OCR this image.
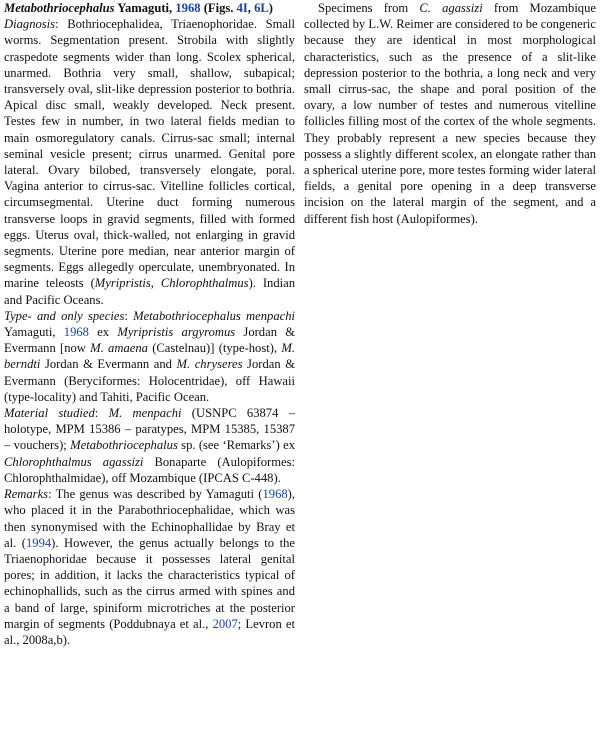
Metabothriocephalus Yamaguti, 1968 (Figs. 4I, 6L)
Diagnosis: Bothriocephalidea, Triaenophoridae. Small worms. Segmentation present. Strobila with slightly craspedote segments wider than long. Scolex spherical, unarmed. Bothria very small, shallow, subapical; transversely oval, slit-like depression posterior to bothria. Apical disc small, weakly developed. Neck present. Testes few in number, in two lateral fields median to main osmoregulatory canals. Cirrus-sac small; internal seminal vesicle present; cirrus unarmed. Genital pore lateral. Ovary bilobed, transversely elongate, poral. Vagina anterior to cirrus-sac. Vitelline follicles cortical, circumsegmental. Uterine duct forming numerous transverse loops in gravid segments, filled with formed eggs. Uterus oval, thick-walled, not enlarging in gravid segments. Uterine pore median, near anterior margin of segments. Eggs allegedly operculate, unembryonated. In marine teleosts (Myripristis, Chlorophthalmus). Indian and Pacific Oceans.

Type- and only species: Metabothriocephalus menpachi Yamaguti, 1968 ex Myripristis argyromus Jordan & Evermann [now M. amaena (Castelnau)] (type-host), M. berndti Jordan & Evermann and M. chryseres Jordan & Evermann (Beryciformes: Holocentridae), off Hawaii (type-locality) and Tahiti, Pacific Ocean.

Material studied: M. menpachi (USNPC 63874 – holotype, MPM 15386 – paratypes, MPM 15385, 15387 – vouchers); Metabothriocephalus sp. (see ‘Remarks’) ex Chlorophthalmus agassizi Bonaparte (Aulopiformes: Chlorophthalmidae), off Mozambique (IPCAS C-448).

Remarks: The genus was described by Yamaguti (1968), who placed it in the Parabothriocephalidae, which was then synonymised with the Echinophallidae by Bray et al. (1994). However, the genus actually belongs to the Triaenophoridae because it possesses lateral genital pores; in addition, it lacks the characteristics typical of echinophallids, such as the cirrus armed with spines and a band of large, spiniform microtriches at the posterior margin of segments (Poddubnaya et al., 2007; Levron et al., 2008a,b).

Specimens from C. agassizi from Mozambique collected by L.W. Reimer are considered to be congeneric because they are identical in most morphological characteristics, such as the presence of a slit-like depression posterior to the bothria, a long neck and very small cirrus-sac, the shape and poral position of the ovary, a low number of testes and numerous vitelline follicles filling most of the cortex of the whole segments. They probably represent a new species because they possess a slightly different scolex, an elongate rather than a spherical uterine pore, more testes forming wider lateral fields, a genital pore opening in a deep transverse incision on the lateral margin of the segment, and a different fish host (Aulopiformes).
